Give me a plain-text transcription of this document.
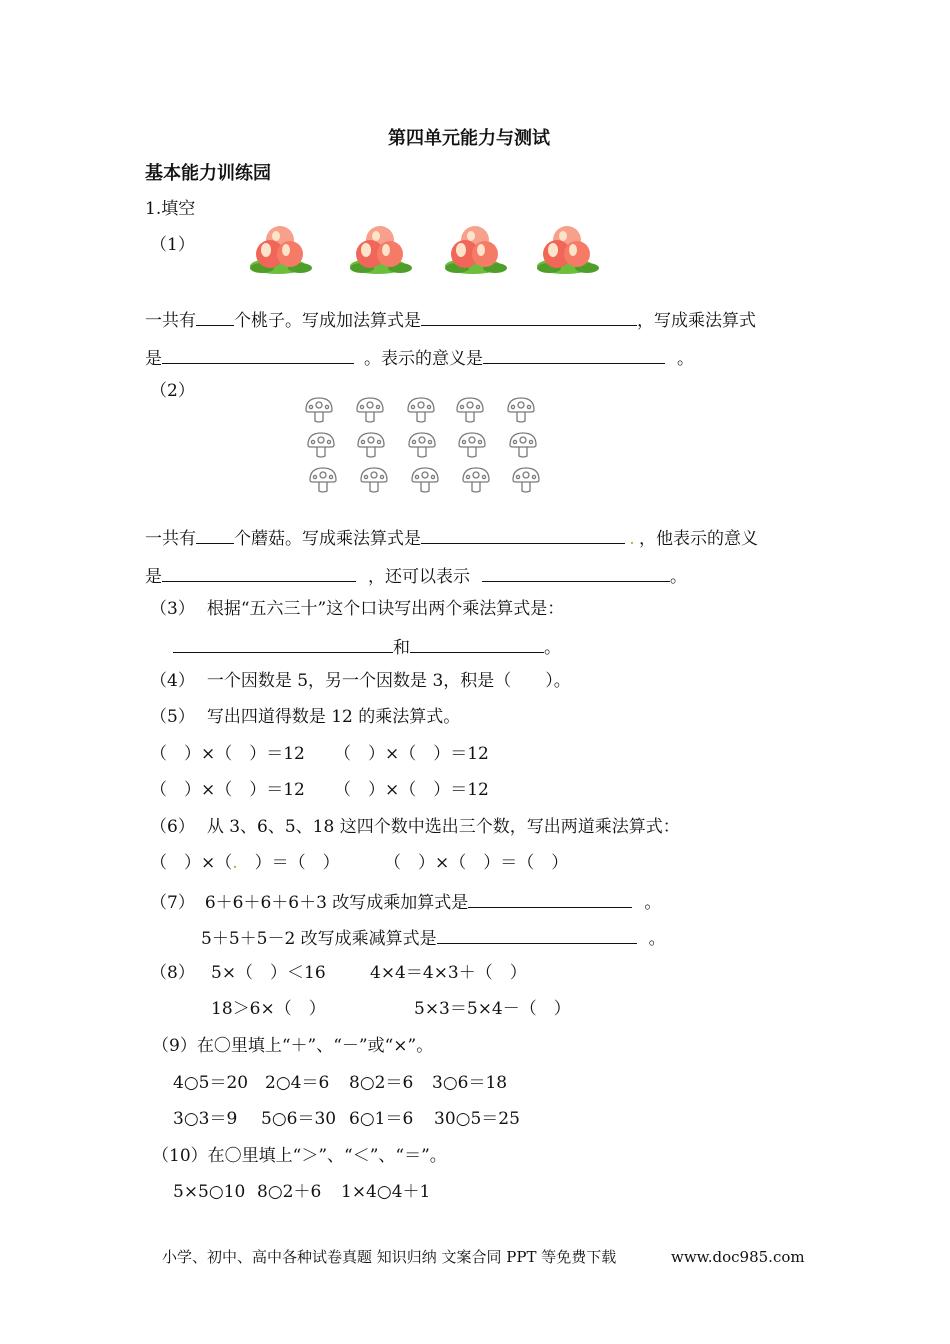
第四单元能力与测试
基本能力训练园
1.填空
（1）
一共有 个桃子。写成加法算式是	，写成乘法算式
是	。表示的意义是	。
（2）
一共有 个蘑菇。写成乘法算式是	. ，他表示的意义
是	，还可以表示	。
（3） 根据“五六三十”这个口诀写出两个乘法算式是：
和	。
（4） 一个因数是 5，另一个因数是 3，积是（　　）。
（5） 写出四道得数是 12 的乘法算式。
（　）×（　）＝12 （　）×（　）＝12
（　）×（　）＝12 （　）×（　）＝12
（6） 从 3、6、5、18 这四个数中选出三个数，写出两道乘法算式：
（　）×（.　）＝（　）	（　）×（　）＝（　）
（7） 6＋6＋6＋6＋3 改写成乘加算式是	。
5＋5＋5－2 改写成乘减算式是	。
（8） 5×（　）＜16	4×4＝4×3＋（　）
18＞6×（　）	5×3＝5×4－（　）
（9）在〇里填上“＋”、“－”或“×”。
4○5＝20 2○4＝6 8○2＝6 3○6＝18
3○3＝9 5○6＝30 6○1＝6 30○5＝25
（10）在〇里填上“＞”、“＜”、“＝”。
5×5○10 8○2＋6 1×4○4＋1
小学、初中、高中各种试卷真题 知识归纳 文案合同 PPT 等免费下载	www.doc985.com
